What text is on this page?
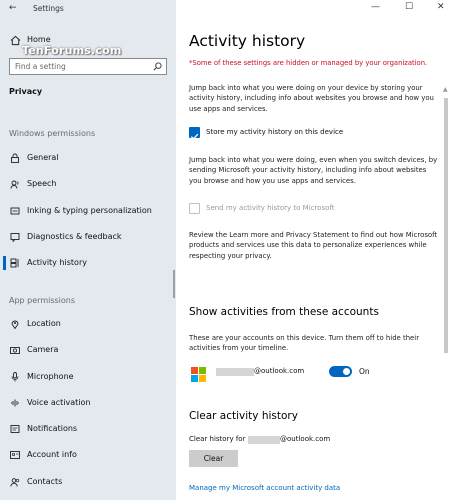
← Settings
Home
TenForums.com
Find a setting
Privacy
Windows permissions
General
Speech
Inking & typing personalization
Diagnostics & feedback
Activity history
App permissions
Location
Camera
Microphone
Voice activation
Notifications
Account info
Contacts
—	☐	✕
Activity history
*Some of these settings are hidden or managed by your organization.
Jump back into what you were doing on your device by storing your activity history, including info about websites you browse and how you use apps and services.
Store my activity history on this device
Jump back into what you were doing, even when you switch devices, by sending Microsoft your activity history, including info about websites you browse and how you use apps and services.
Send my activity history to Microsoft
Review the Learn more and Privacy Statement to find out how Microsoft products and services use this data to personalize experiences while respecting your privacy.
Show activities from these accounts
These are your accounts on this device. Turn them off to hide their activities from your timeline.
@outlook.com	On
Clear activity history
Clear history for	@outlook.com
Clear
Manage my Microsoft account activity data
▲
